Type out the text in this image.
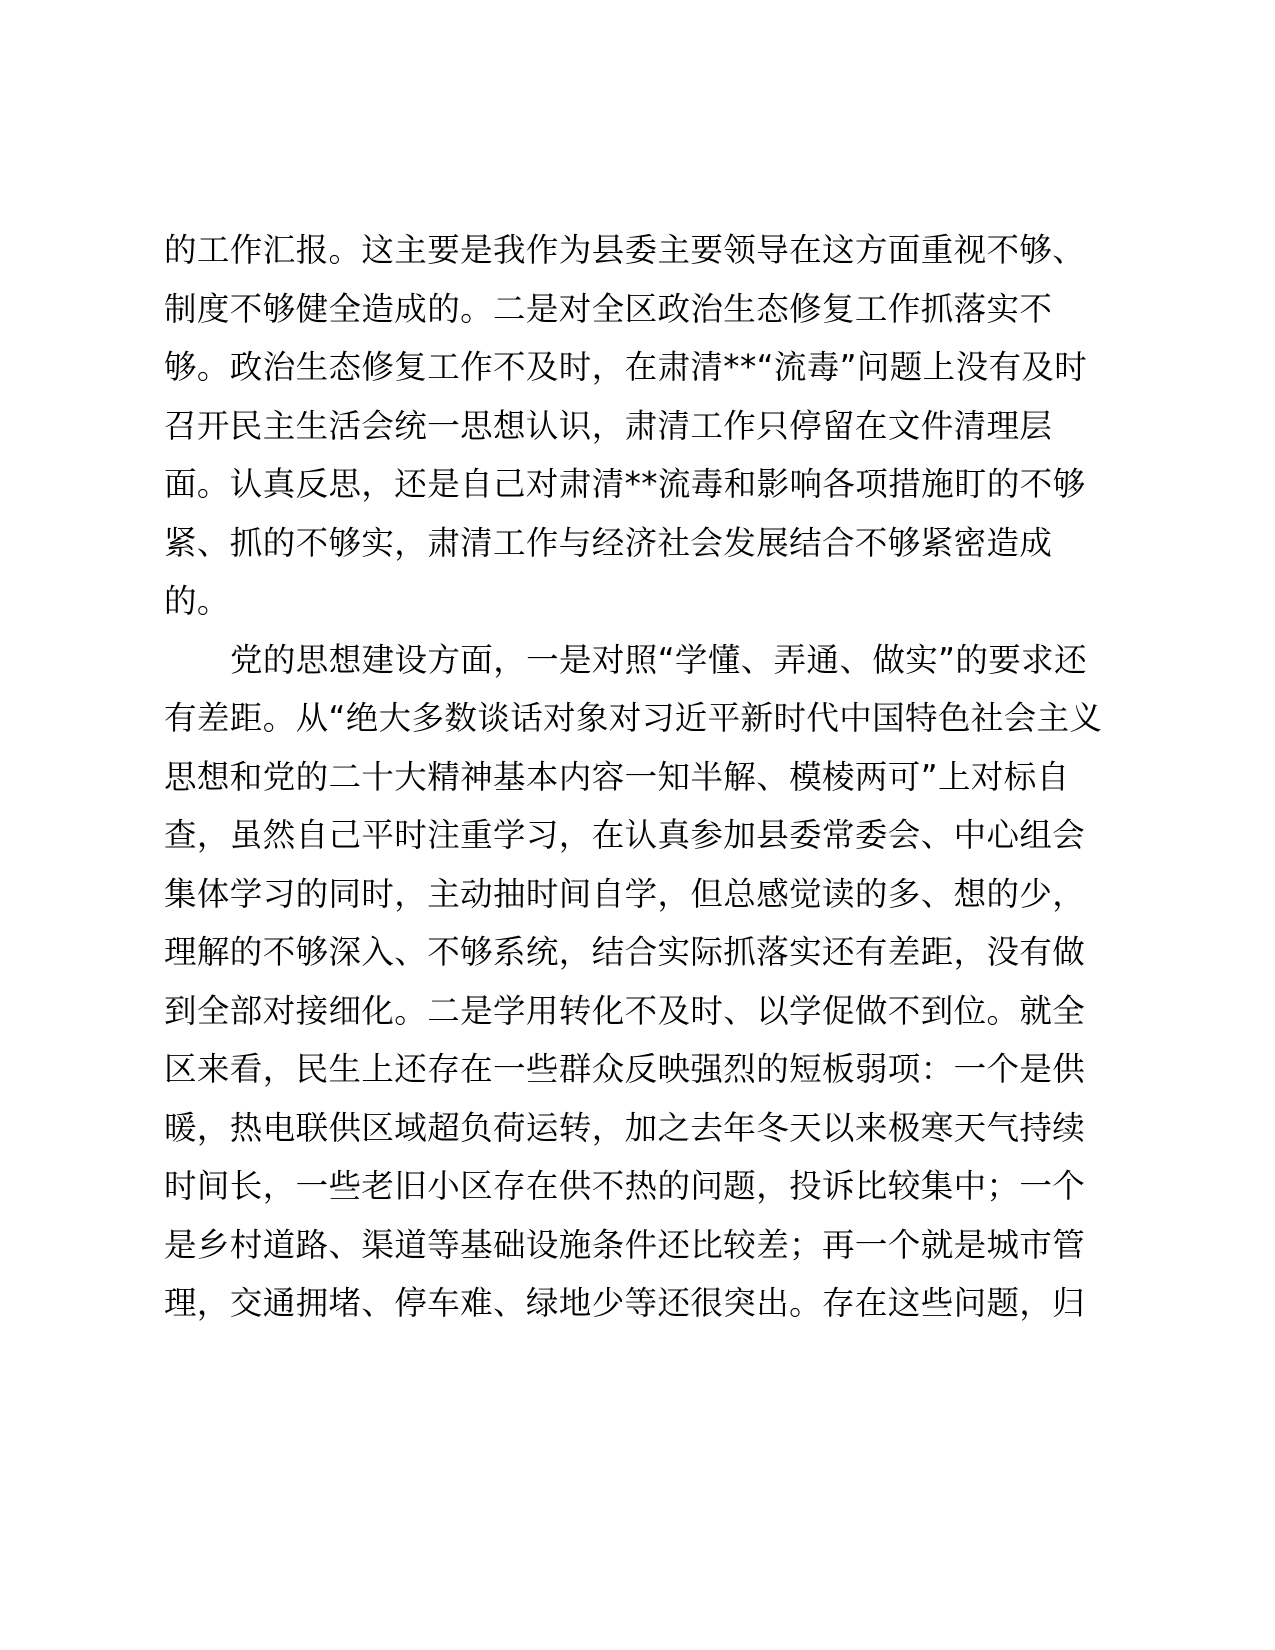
的工作汇报。这主要是我作为县委主要领导在这方面重视不够、
制度不够健全造成的。二是对全区政治生态修复工作抓落实不
够。政治生态修复工作不及时，在肃清**“流毒”问题上没有及时
召开民主生活会统一思想认识，肃清工作只停留在文件清理层
面。认真反思，还是自己对肃清**流毒和影响各项措施盯的不够
紧、抓的不够实，肃清工作与经济社会发展结合不够紧密造成
的。
党的思想建设方面，一是对照“学懂、弄通、做实”的要求还
有差距。从“绝大多数谈话对象对习近平新时代中国特色社会主义
思想和党的二十大精神基本内容一知半解、模棱两可”上对标自
查，虽然自己平时注重学习，在认真参加县委常委会、中心组会
集体学习的同时，主动抽时间自学，但总感觉读的多、想的少，
理解的不够深入、不够系统，结合实际抓落实还有差距，没有做
到全部对接细化。二是学用转化不及时、以学促做不到位。就全
区来看，民生上还存在一些群众反映强烈的短板弱项：一个是供
暖，热电联供区域超负荷运转，加之去年冬天以来极寒天气持续
时间长，一些老旧小区存在供不热的问题，投诉比较集中；一个
是乡村道路、渠道等基础设施条件还比较差；再一个就是城市管
理，交通拥堵、停车难、绿地少等还很突出。存在这些问题，归
